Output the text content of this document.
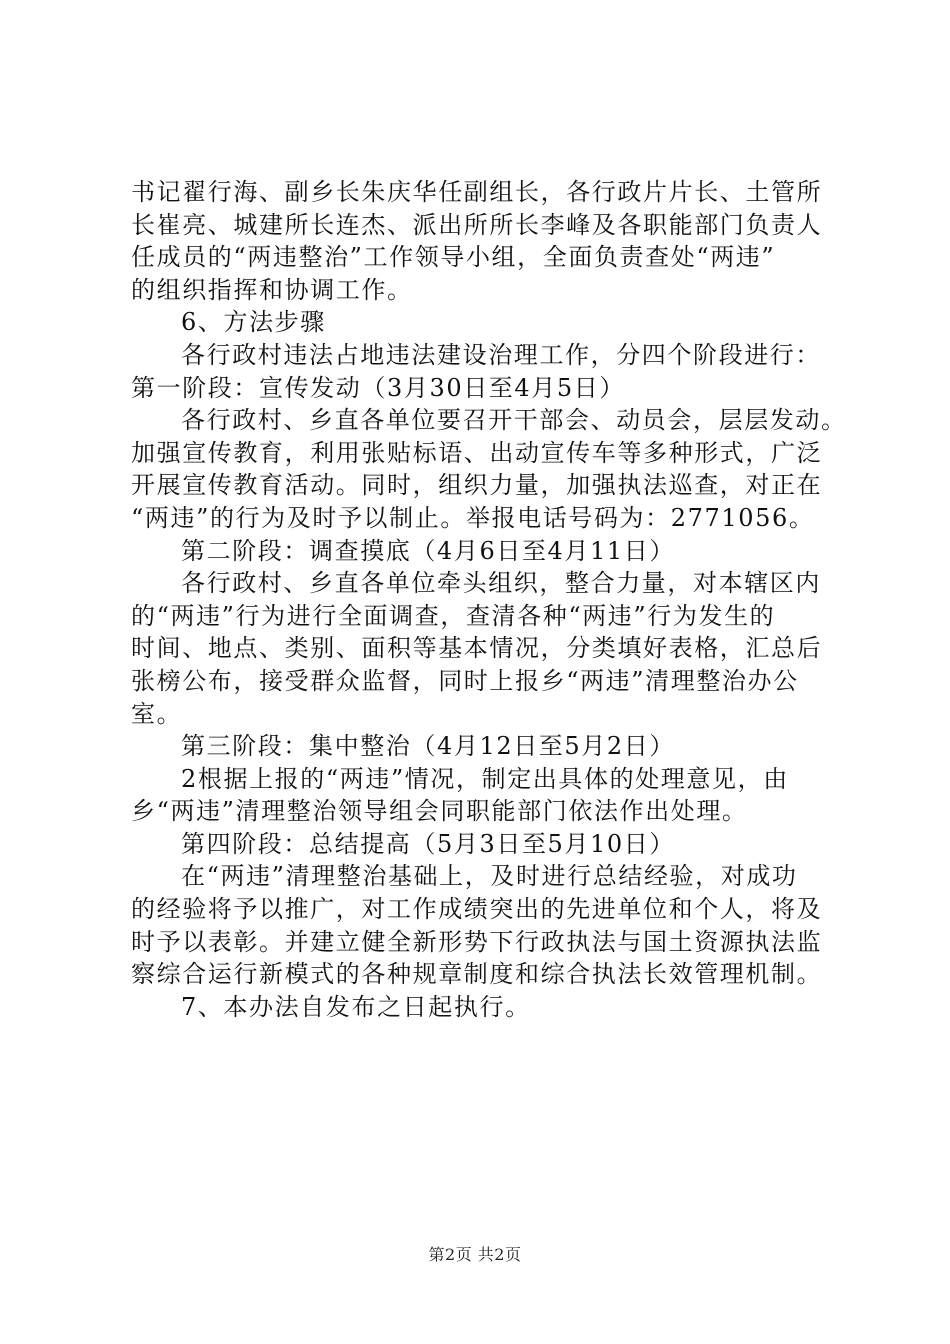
书记翟行海、副乡长朱庆华任副组长，各行政片片长、土管所
长崔亮、城建所长连杰、派出所所长李峰及各职能部门负责人
任成员的“两违整治”工作领导小组，全面负责查处“两违”
的组织指挥和协调工作。
6、方法步骤
各行政村违法占地违法建设治理工作，分四个阶段进行：
第一阶段：宣传发动（3月30日至4月5日）
各行政村、乡直各单位要召开干部会、动员会，层层发动。
加强宣传教育，利用张贴标语、出动宣传车等多种形式，广泛
开展宣传教育活动。同时，组织力量，加强执法巡查，对正在
“两违”的行为及时予以制止。举报电话号码为：2771056。
第二阶段：调查摸底（4月6日至4月11日）
各行政村、乡直各单位牵头组织，整合力量，对本辖区内
的“两违”行为进行全面调查，查清各种“两违”行为发生的
时间、地点、类别、面积等基本情况，分类填好表格，汇总后
张榜公布，接受群众监督，同时上报乡“两违”清理整治办公
室。
第三阶段：集中整治（4月12日至5月2日）
2根据上报的“两违”情况，制定出具体的处理意见，由
乡“两违”清理整治领导组会同职能部门依法作出处理。
第四阶段：总结提高（5月3日至5月10日）
在“两违”清理整治基础上，及时进行总结经验，对成功
的经验将予以推广，对工作成绩突出的先进单位和个人，将及
时予以表彰。并建立健全新形势下行政执法与国土资源执法监
察综合运行新模式的各种规章制度和综合执法长效管理机制。
7、本办法自发布之日起执行。
第2页 共2页
